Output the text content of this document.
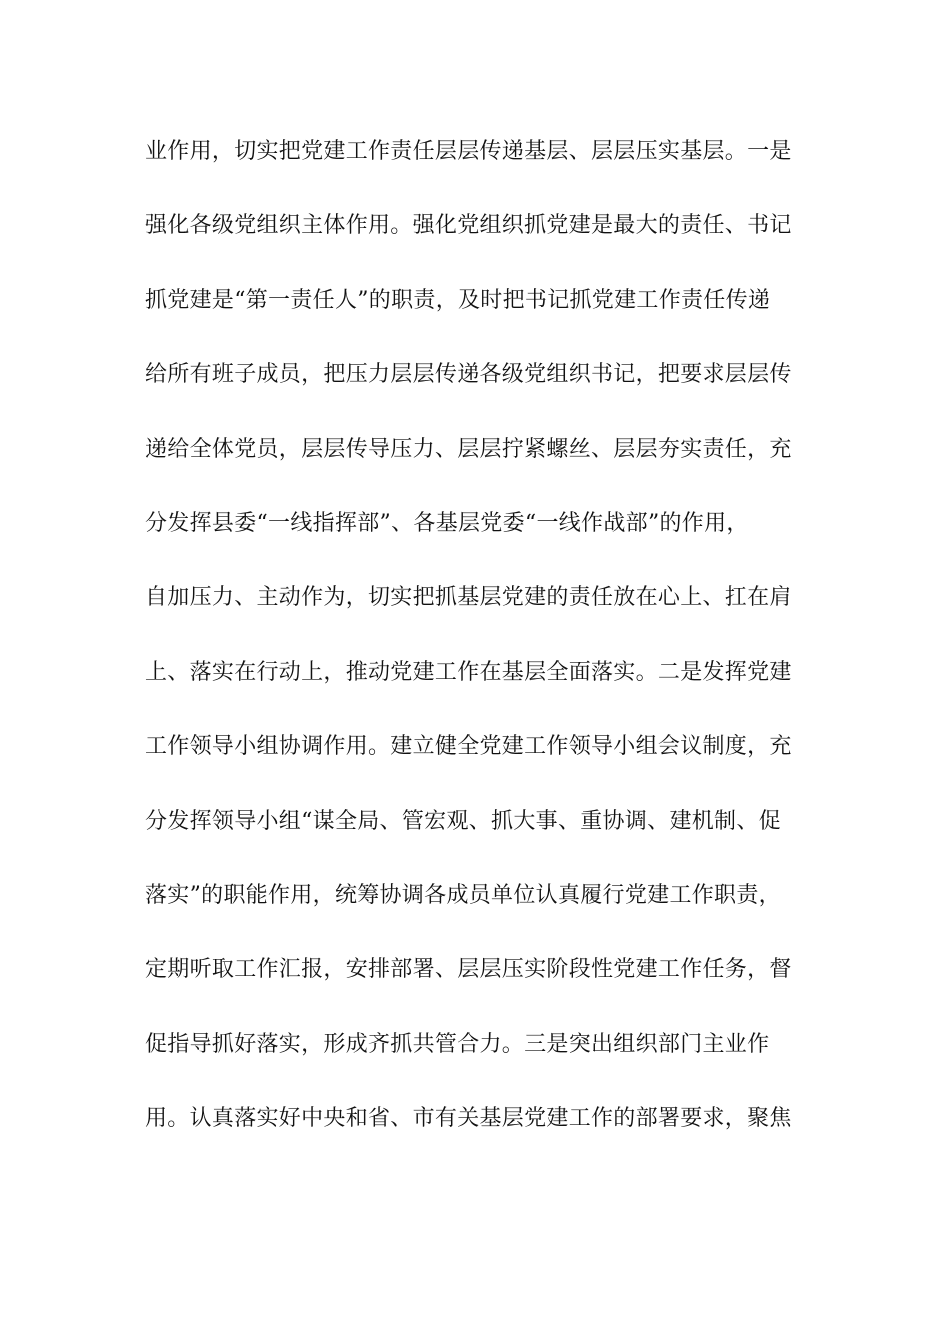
业作用，切实把党建工作责任层层传递基层、层层压实基层。一是
强化各级党组织主体作用。强化党组织抓党建是最大的责任、书记
抓党建是“第一责任人”的职责，及时把书记抓党建工作责任传递
给所有班子成员，把压力层层传递各级党组织书记，把要求层层传
递给全体党员，层层传导压力、层层拧紧螺丝、层层夯实责任，充
分发挥县委“一线指挥部”、各基层党委“一线作战部”的作用，
自加压力、主动作为，切实把抓基层党建的责任放在心上、扛在肩
上、落实在行动上，推动党建工作在基层全面落实。二是发挥党建
工作领导小组协调作用。建立健全党建工作领导小组会议制度，充
分发挥领导小组“谋全局、管宏观、抓大事、重协调、建机制、促
落实”的职能作用，统筹协调各成员单位认真履行党建工作职责，
定期听取工作汇报，安排部署、层层压实阶段性党建工作任务，督
促指导抓好落实，形成齐抓共管合力。三是突出组织部门主业作
用。认真落实好中央和省、市有关基层党建工作的部署要求，聚焦
